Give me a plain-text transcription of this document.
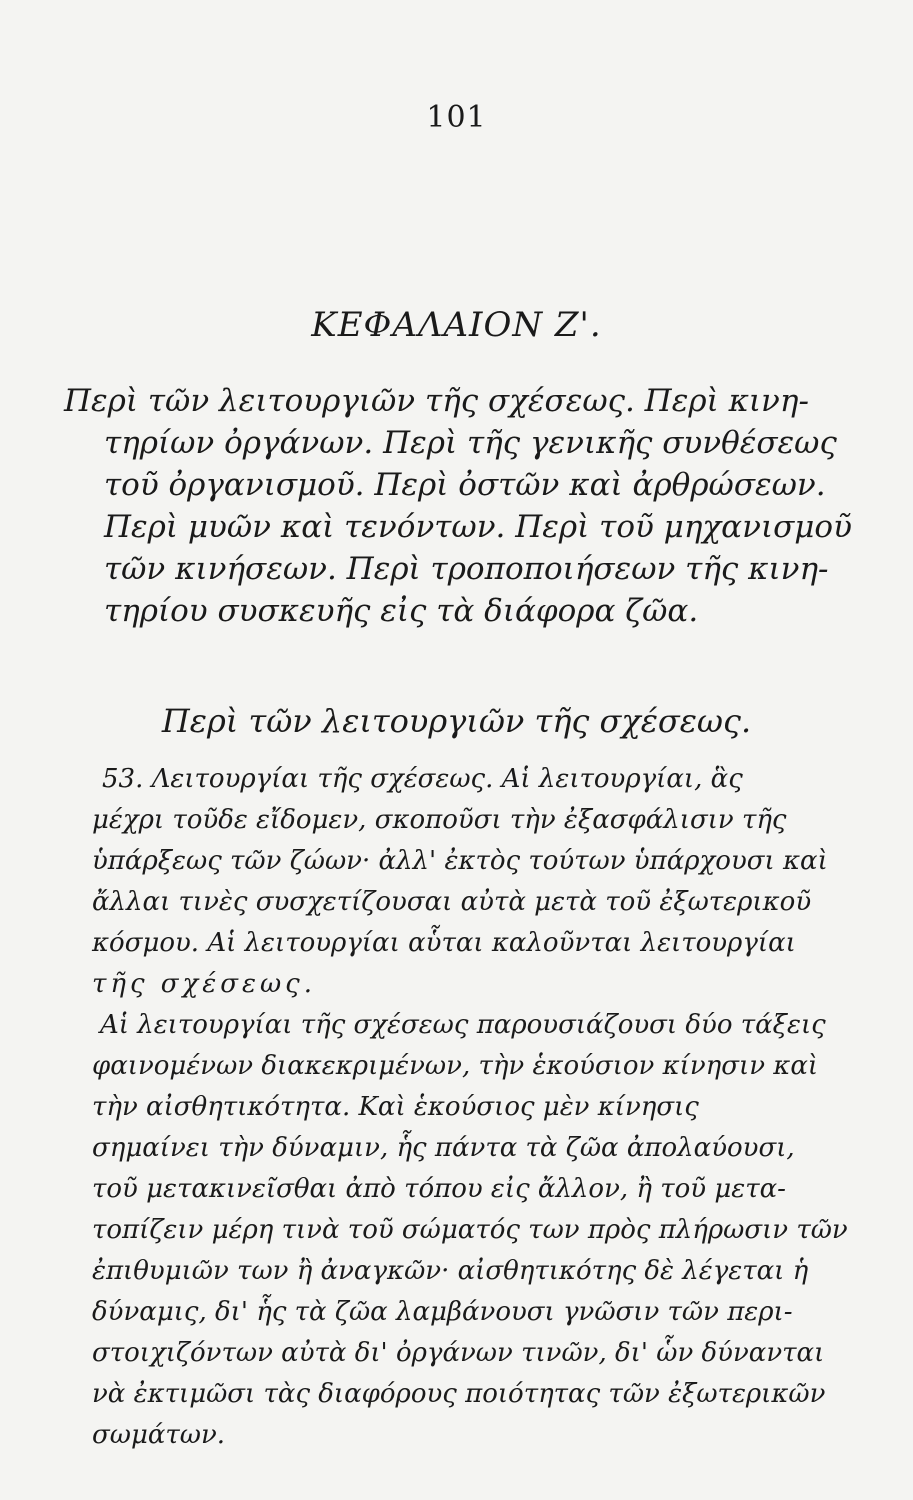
101
ΚΕΦΑΛΑΙΟΝ Ζ'.
Περὶ τῶν λειτουργιῶν τῆς σχέσεως. Περὶ κινη-
τηρίων ὀργάνων. Περὶ τῆς γενικῆς συνθέσεως
τοῦ ὀργανισμοῦ. Περὶ ὀστῶν καὶ ἀρθρώσεων.
Περὶ μυῶν καὶ τενόντων. Περὶ τοῦ μηχανισμοῦ
τῶν κινήσεων. Περὶ τροποποιήσεων τῆς κινη-
τηρίου συσκευῆς εἰς τὰ διάφορα ζῶα.
Περὶ τῶν λειτουργιῶν τῆς σχέσεως.
53. Λειτουργίαι τῆς σχέσεως. Αἱ λειτουργίαι, ἃς
μέχρι τοῦδε εἴδομεν, σκοποῦσι τὴν ἐξασφάλισιν τῆς
ὑπάρξεως τῶν ζώων· ἀλλ' ἐκτὸς τούτων ὑπάρχουσι καὶ
ἄλλαι τινὲς συσχετίζουσαι αὐτὰ μετὰ τοῦ ἐξωτερικοῦ
κόσμου. Αἱ λειτουργίαι αὗται καλοῦνται λειτουργίαι
τῆς σχέσεως.
Αἱ λειτουργίαι τῆς σχέσεως παρουσιάζουσι δύο τάξεις
φαινομένων διακεκριμένων, τὴν ἑκούσιον κίνησιν καὶ
τὴν αἰσθητικότητα. Καὶ ἑκούσιος μὲν κίνησις
σημαίνει τὴν δύναμιν, ἧς πάντα τὰ ζῶα ἀπολαύουσι,
τοῦ μετακινεῖσθαι ἀπὸ τόπου εἰς ἄλλον, ἢ τοῦ μετα-
τοπίζειν μέρη τινὰ τοῦ σώματός των πρὸς πλήρωσιν τῶν
ἐπιθυμιῶν των ἢ ἀναγκῶν· αἰσθητικότης δὲ λέγεται ἡ
δύναμις, δι' ἧς τὰ ζῶα λαμβάνουσι γνῶσιν τῶν περι-
στοιχιζόντων αὐτὰ δι' ὀργάνων τινῶν, δι' ὧν δύνανται
νὰ ἐκτιμῶσι τὰς διαφόρους ποιότητας τῶν ἐξωτερικῶν
σωμάτων.
